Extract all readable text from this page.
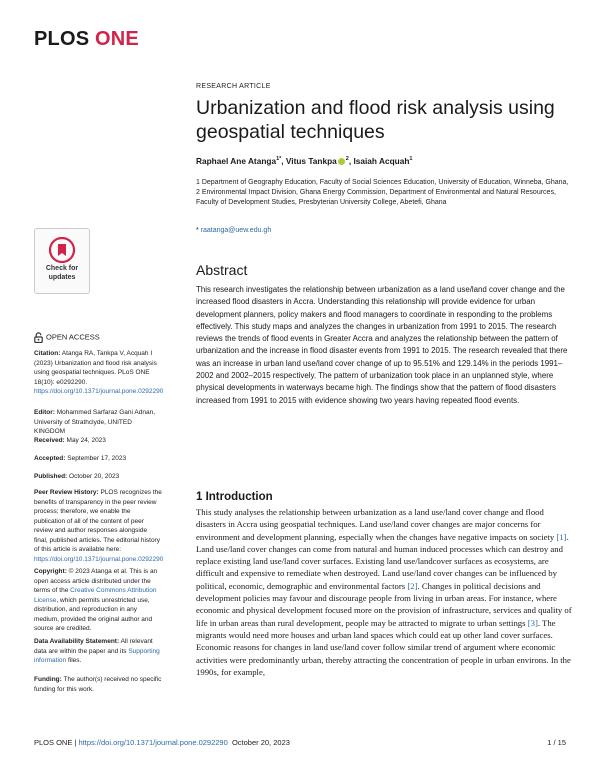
PLOS ONE
RESEARCH ARTICLE
Urbanization and flood risk analysis using geospatial techniques
Raphael Ane Atanga$^{1*}$, Vitus Tankpa $^2$, Isaiah Acquah$^1$
1 Department of Geography Education, Faculty of Social Sciences Education, University of Education, Winneba, Ghana, 2 Environmental Impact Division, Ghana Energy Commission, Department of Environmental and Natural Resources, Faculty of Development Studies, Presbyterian University College, Abetefi, Ghana
* raatanga@uew.edu.gh
Check for
updates
OPEN ACCESS
Citation: Atanga RA, Tankpa V, Acquah I (2023) Urbanization and flood risk analysis using geospatial techniques. PLoS ONE 18(10): e0292290. https://doi.org/10.1371/journal.pone.0292290
Editor: Mohammed Sarfaraz Gani Adnan, University of Strathclyde, UNITED KINGDOM
Received: May 24, 2023
Accepted: September 17, 2023
Published: October 20, 2023
Peer Review History: PLOS recognizes the benefits of transparency in the peer review process; therefore, we enable the publication of all of the content of peer review and author responses alongside final, published articles. The editorial history of this article is available here: https://doi.org/10.1371/journal.pone.0292290
Copyright: © 2023 Atanga et al. This is an open access article distributed under the terms of the Creative Commons Attribution License, which permits unrestricted use, distribution, and reproduction in any medium, provided the original author and source are credited.
Data Availability Statement: All relevant data are within the paper and its Supporting information files.
Funding: The author(s) received no specific funding for this work.
Abstract
This research investigates the relationship between urbanization as a land use/land cover change and the increased flood disasters in Accra. Understanding this relationship will provide evidence for urban development planners, policy makers and flood managers to coordinate in responding to the problems effectively. This study maps and analyzes the changes in urbanization from 1991 to 2015. The research reviews the trends of flood events in Greater Accra and analyzes the relationship between the pattern of urbanization and the increase in flood disaster events from 1991 to 2015. The research revealed that there was an increase in urban land use/land cover change of up to 95.51% and 129.14% in the periods 1991–2002 and 2002–2015 respectively. The pattern of urbanization took place in an unplanned style, where physical developments in waterways became high. The findings show that the pattern of flood disasters increased from 1991 to 2015 with evidence showing two years having repeated flood events.
1 Introduction
This study analyses the relationship between urbanization as a land use/land cover change and flood disasters in Accra using geospatial techniques. Land use/land cover changes are major concerns for environment and development planning, especially when the changes have negative impacts on society [1]. Land use/land cover changes can come from natural and human induced processes which can destroy and replace existing land use/land cover surfaces. Existing land use/landcover surfaces as ecosystems, are difficult and expensive to remediate when destroyed. Land use/land cover changes can be influenced by political, economic, demographic and environmental factors [2]. Changes in political decisions and development policies may favour and discourage people from living in urban areas. For instance, where economic and physical development focused more on the provision of infrastructure, services and quality of life in urban areas than rural development, people may be attracted to migrate to urban settings [3]. The migrants would need more houses and urban land spaces which could eat up other land cover surfaces. Economic reasons for changes in land use/land cover follow similar trend of argument where economic activities were predominantly urban, thereby attracting the concentration of people in urban environs. In the 1990s, for example,
PLOS ONE | https://doi.org/10.1371/journal.pone.0292290 October 20, 2023	1 / 15
